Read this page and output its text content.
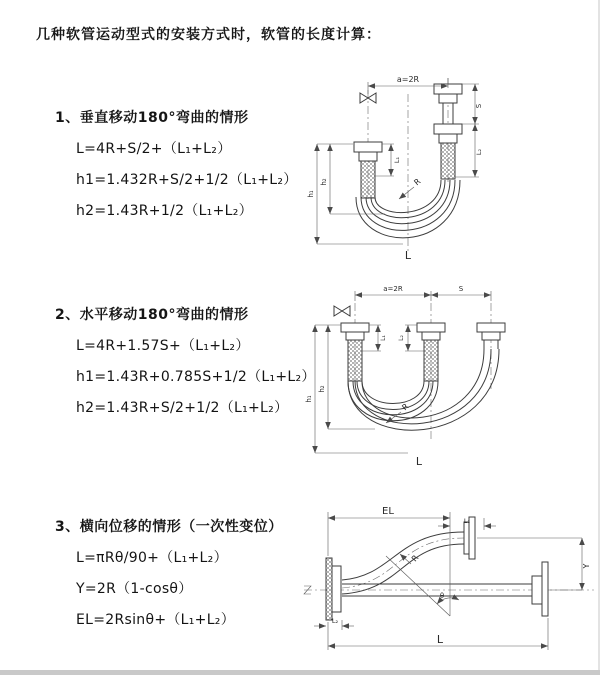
几种软管运动型式的安装方式时，软管的长度计算：
1、垂直移动180°弯曲的情形
L=4R+S/2+（L₁+L₂）
h1=1.432R+S/2+1/2（L₁+L₂）
h2=1.43R+1/2（L₁+L₂）
2、水平移动180°弯曲的情形
L=4R+1.57S+（L₁+L₂）
h1=1.43R+0.785S+1/2（L₁+L₂）
h2=1.43R+S/2+1/2（L₁+L₂）
3、横向位移的情形（一次性变位）
L=πRθ/90+（L₁+L₂）
Y=2R（1-cosθ）
EL=2Rsinθ+（L₁+L₂）
a=2R
L₁
S
L₂
h₁
h₂	R
L
a=2R	S
L₁ L₂
h₁
h₂
R
L
EL
L₁
Y
θ
R
L₂
L
